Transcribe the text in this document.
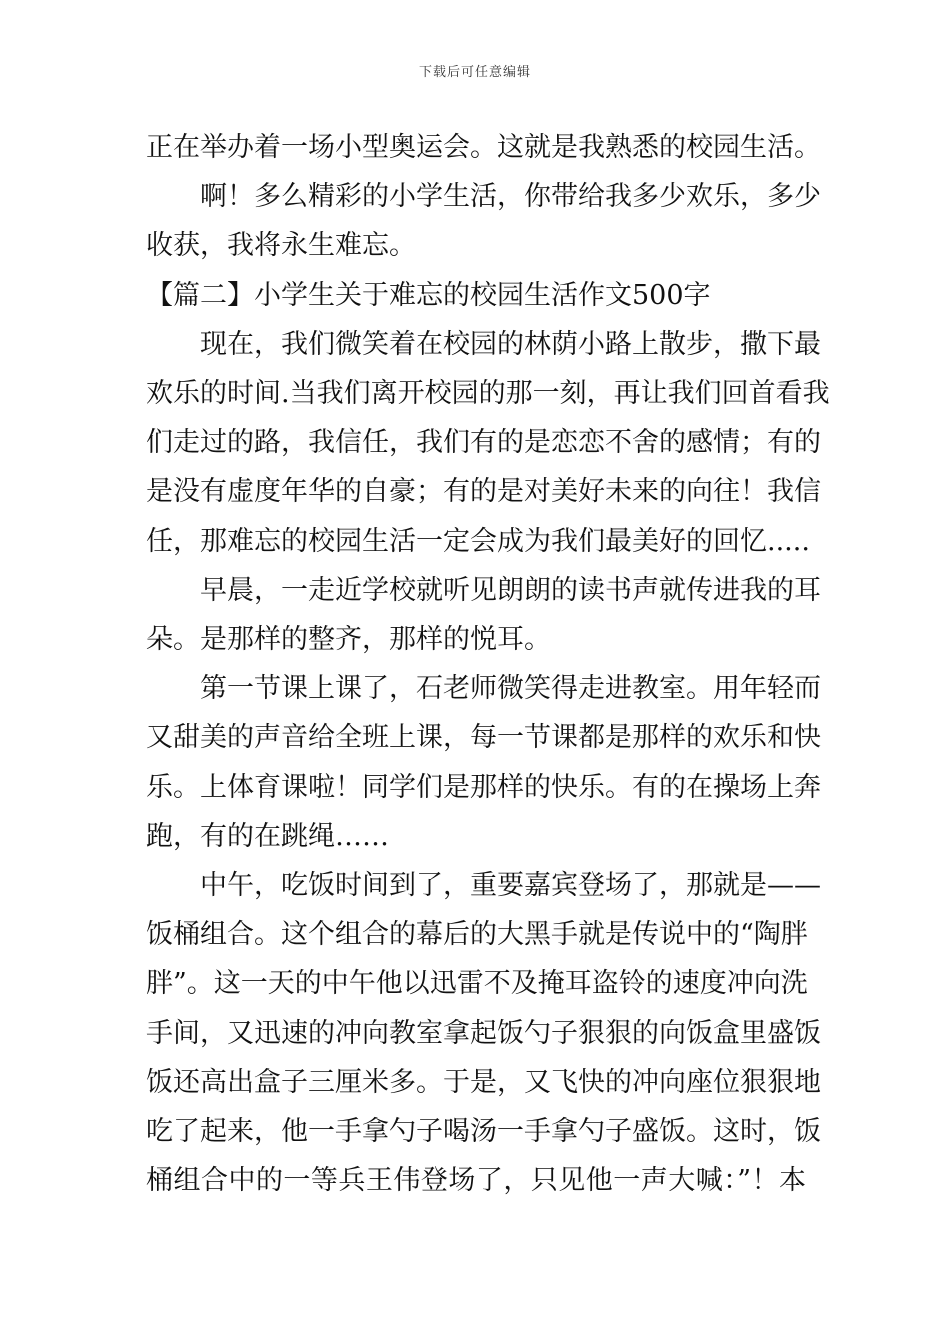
下载后可任意编辑
正在举办着一场小型奥运会。这就是我熟悉的校园生活。
啊！多么精彩的小学生活，你带给我多少欢乐，多少
收获，我将永生难忘。
【篇二】小学生关于难忘的校园生活作文500字
现在，我们微笑着在校园的林荫小路上散步，撒下最
欢乐的时间.当我们离开校园的那一刻，再让我们回首看我
们走过的路，我信任，我们有的是恋恋不舍的感情；有的
是没有虚度年华的自豪；有的是对美好未来的向往！我信
任，那难忘的校园生活一定会成为我们最美好的回忆.....
早晨，一走近学校就听见朗朗的读书声就传进我的耳
朵。是那样的整齐，那样的悦耳。
第一节课上课了，石老师微笑得走进教室。用年轻而
又甜美的声音给全班上课，每一节课都是那样的欢乐和快
乐。上体育课啦！同学们是那样的快乐。有的在操场上奔
跑，有的在跳绳……
中午，吃饭时间到了，重要嘉宾登场了，那就是——
饭桶组合。这个组合的幕后的大黑手就是传说中的“陶胖
胖”。这一天的中午他以迅雷不及掩耳盗铃的速度冲向洗
手间，又迅速的冲向教室拿起饭勺子狠狠的向饭盒里盛饭
饭还高出盒子三厘米多。于是，又飞快的冲向座位狠狠地
吃了起来，他一手拿勺子喝汤一手拿勺子盛饭。这时，饭
桶组合中的一等兵王伟登场了，只见他一声大喊：”！本
